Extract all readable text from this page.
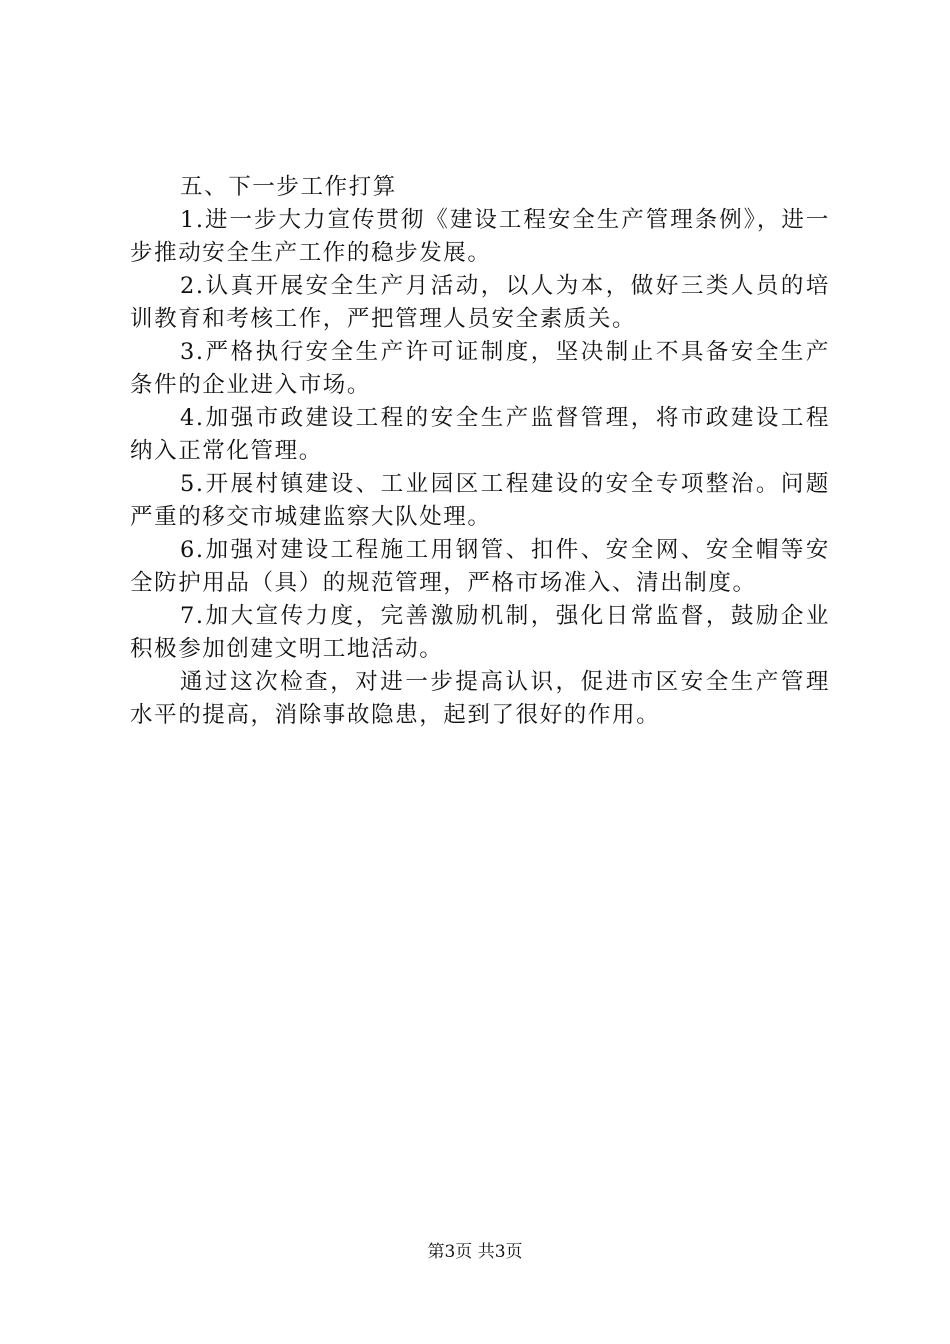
五、下一步工作打算

1.进一步大力宣传贯彻《建设工程安全生产管理条例》，进一步推动安全生产工作的稳步发展。

2.认真开展安全生产月活动，以人为本，做好三类人员的培训教育和考核工作，严把管理人员安全素质关。

3.严格执行安全生产许可证制度，坚决制止不具备安全生产条件的企业进入市场。

4.加强市政建设工程的安全生产监督管理，将市政建设工程纳入正常化管理。

5.开展村镇建设、工业园区工程建设的安全专项整治。问题严重的移交市城建监察大队处理。

6.加强对建设工程施工用钢管、扣件、安全网、安全帽等安全防护用品（具）的规范管理，严格市场准入、清出制度。

7.加大宣传力度，完善激励机制，强化日常监督，鼓励企业积极参加创建文明工地活动。

通过这次检查，对进一步提高认识，促进市区安全生产管理水平的提高，消除事故隐患，起到了很好的作用。

第3页 共3页
